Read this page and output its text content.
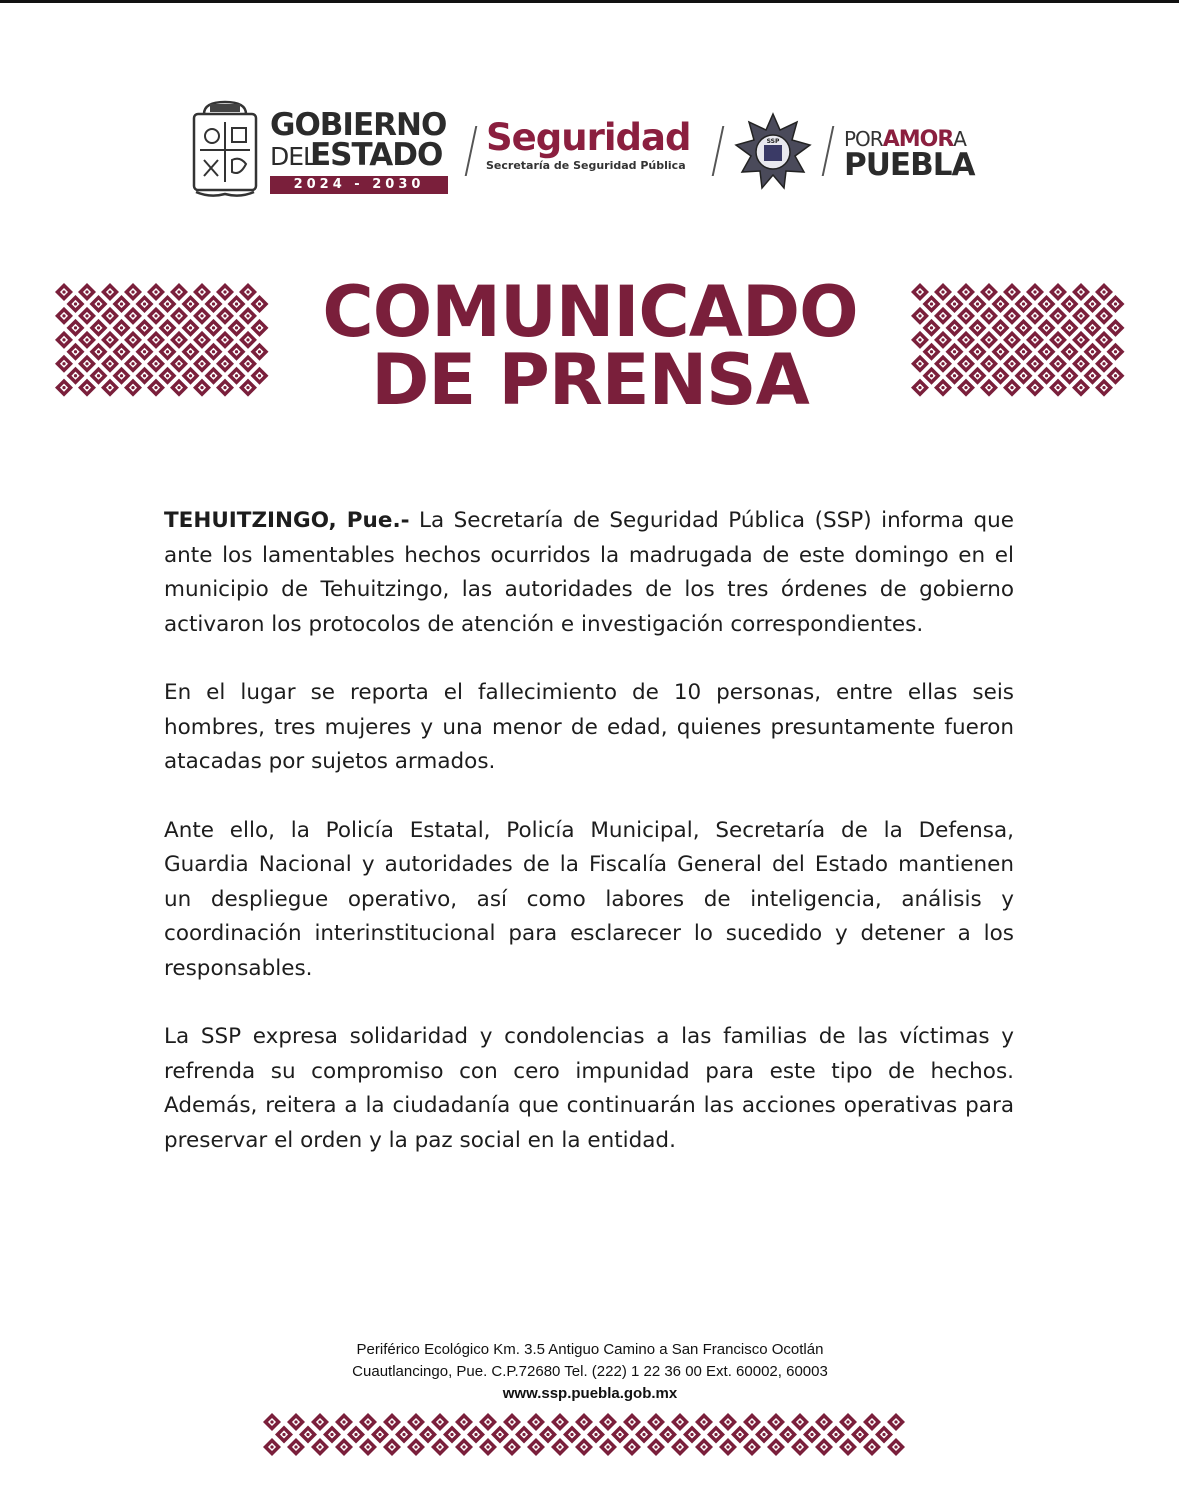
GOBIERNO
DEL
ESTADO
2024 - 2030
Seguridad
Secretaría de Seguridad Pública
SSP	PORAMORA
PUEBLA
COMUNICADO
DE PRENSA

TEHUITZINGO, Pue.- La Secretaría de Seguridad Pública (SSP) informa que ante los lamentables hechos ocurridos la madrugada de este domingo en el municipio de Tehuitzingo, las autoridades de los tres órdenes de gobierno activaron los protocolos de atención e investigación correspondientes.

En el lugar se reporta el fallecimiento de 10 personas, entre ellas seis hombres, tres mujeres y una menor de edad, quienes presuntamente fueron atacadas por sujetos armados.

Ante ello, la Policía Estatal, Policía Municipal, Secretaría de la Defensa, Guardia Nacional y autoridades de la Fiscalía General del Estado mantienen un despliegue operativo, así como labores de inteligencia, análisis y coordinación interinstitucional para esclarecer lo sucedido y detener a los responsables.

La SSP expresa solidaridad y condolencias a las familias de las víctimas y refrenda su compromiso con cero impunidad para este tipo de hechos. Además, reitera a la ciudadanía que continuarán las acciones operativas para preservar el orden y la paz social en la entidad.

Periférico Ecológico Km. 3.5 Antiguo Camino a San Francisco Ocotlán
Cuautlancingo, Pue. C.P.72680 Tel. (222) 1 22 36 00 Ext. 60002, 60003
www.ssp.puebla.gob.mx
